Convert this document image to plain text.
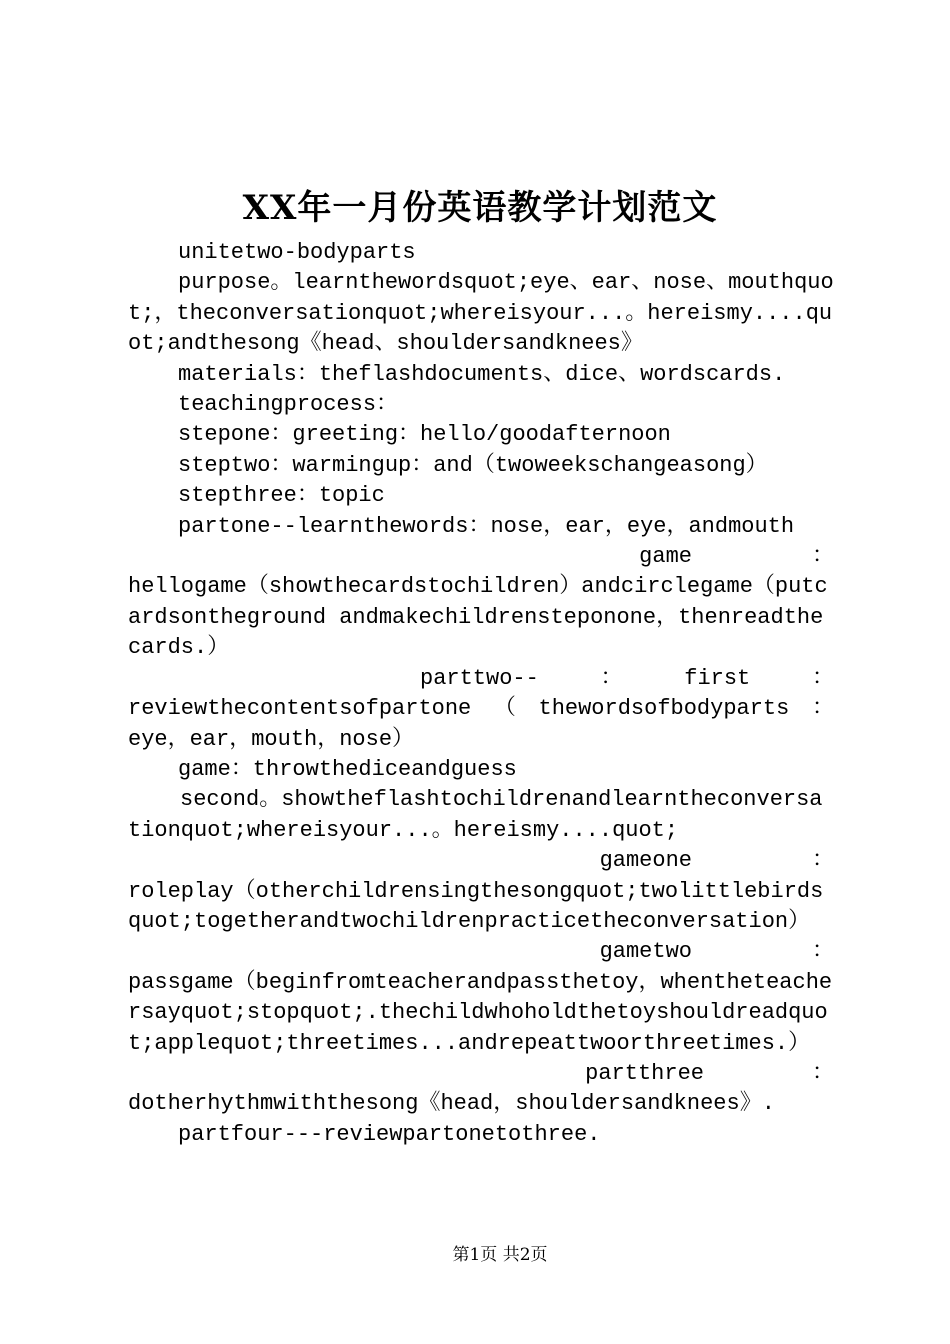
XX年一月份英语教学计划范文

unitetwo-bodyparts

purpose。learnthewordsquot;eye、ear、nose、mouthquot;，theconversationquot;whereisyour...。hereismy....quot;andthesong《head、shouldersandknees》

materials：theflashdocuments、dice、wordscards.

teachingprocess：

stepone：greeting：hello/goodafternoon

steptwo：warmingup：and（twoweekschangeasong）

stepthree：topic

partone--learnthewords：nose，ear，eye，andmouth

game	：

hellogame（showthecardstochildren）andcirclegame（putcardsontheground andmakechildrensteponone，thenreadthecards.）

parttwo--	：	first	：
reviewthecontentsofpartone （ thewordsofbodyparts ：

eye，ear，mouth，nose）

game：throwthediceandguess

second。showtheflashtochildrenandlearntheconversationquot;whereisyour...。hereismy....quot;

gameone	：

roleplay（otherchildrensingthesongquot;twolittlebirdsquot;togetherandtwochildrenpracticetheconversation）

gametwo	：

passgame（beginfromteacherandpassthetoy，whentheteachersayquot;stopquot;.thechildwhoholdthetoyshouldreadquot;applequot;threetimes...andrepeattwoorthreetimes.）

partthree	：

dotherhythmwiththesong《head，shouldersandknees》.

partfour---reviewpartonetothree.

第1页 共2页
